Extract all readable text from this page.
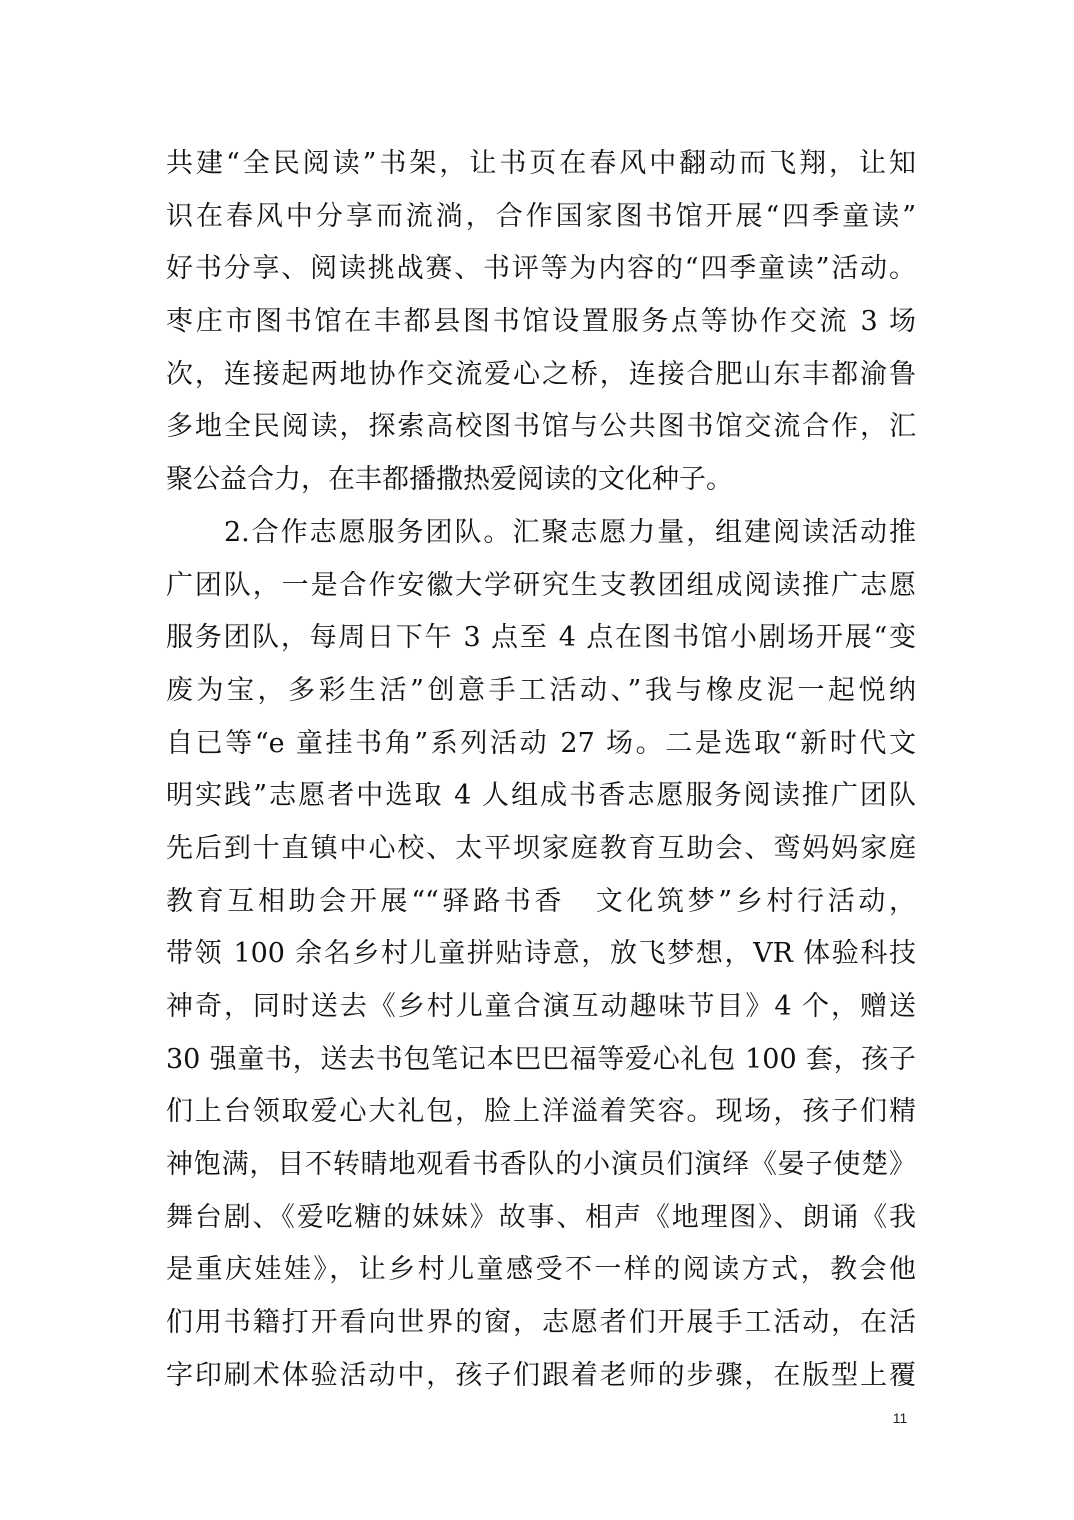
共建“全民阅读”书架，让书页在春风中翻动而飞翔，让知
识在春风中分享而流淌，合作国家图书馆开展“四季童读”
好书分享、阅读挑战赛、书评等为内容的“四季童读”活动。
枣庄市图书馆在丰都县图书馆设置服务点等协作交流 3 场
次，连接起两地协作交流爱心之桥，连接合肥山东丰都渝鲁
多地全民阅读，探索高校图书馆与公共图书馆交流合作，汇
聚公益合力，在丰都播撒热爱阅读的文化种子。
　　2.合作志愿服务团队。汇聚志愿力量，组建阅读活动推
广团队，一是合作安徽大学研究生支教团组成阅读推广志愿
服务团队，每周日下午 3 点至 4 点在图书馆小剧场开展“变
废为宝，多彩生活”创意手工活动、”我与橡皮泥一起悦纳
自已等“e 童挂书角”系列活动 27 场。二是选取“新时代文
明实践”志愿者中选取 4 人组成书香志愿服务阅读推广团队
先后到十直镇中心校、太平坝家庭教育互助会、鸾妈妈家庭
教育互相助会开展““驿路书香　文化筑梦”乡村行活动，
带领 100 余名乡村儿童拼贴诗意，放飞梦想，VR 体验科技
神奇，同时送去《乡村儿童合演互动趣味节目》4 个，赠送
30 强童书，送去书包笔记本巴巴福等爱心礼包 100 套，孩子
们上台领取爱心大礼包，脸上洋溢着笑容。现场，孩子们精
神饱满，目不转睛地观看书香队的小演员们演绎《晏子使楚》
舞台剧、《爱吃糖的妹妹》故事、相声《地理图》、朗诵《我
是重庆娃娃》，让乡村儿童感受不一样的阅读方式，教会他
们用书籍打开看向世界的窗，志愿者们开展手工活动，在活
字印刷术体验活动中，孩子们跟着老师的步骤，在版型上覆
11
